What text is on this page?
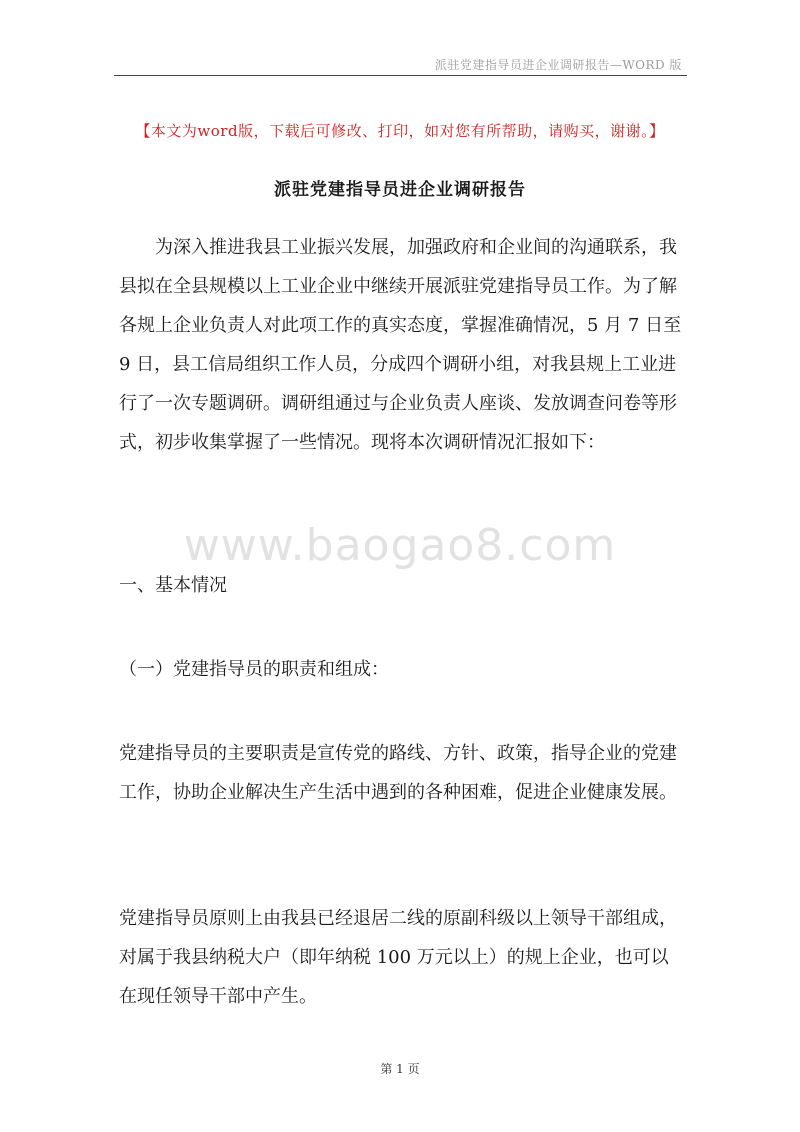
派驻党建指导员进企业调研报告—WORD 版
【本文为word版，下载后可修改、打印，如对您有所帮助，请购买，谢谢。】
派驻党建指导员进企业调研报告

为深入推进我县工业振兴发展，加强政府和企业间的沟通联系，我县拟在全县规模以上工业企业中继续开展派驻党建指导员工作。为了解各规上企业负责人对此项工作的真实态度，掌握准确情况，5 月 7 日至 9 日，县工信局组织工作人员，分成四个调研小组，对我县规上工业进行了一次专题调研。调研组通过与企业负责人座谈、发放调查问卷等形式，初步收集掌握了一些情况。现将本次调研情况汇报如下：

www.baogao8.com

一、基本情况

（一）党建指导员的职责和组成：

党建指导员的主要职责是宣传党的路线、方针、政策，指导企业的党建工作，协助企业解决生产生活中遇到的各种困难，促进企业健康发展。

党建指导员原则上由我县已经退居二线的原副科级以上领导干部组成，对属于我县纳税大户（即年纳税 100 万元以上）的规上企业，也可以在现任领导干部中产生。

第 1 页
